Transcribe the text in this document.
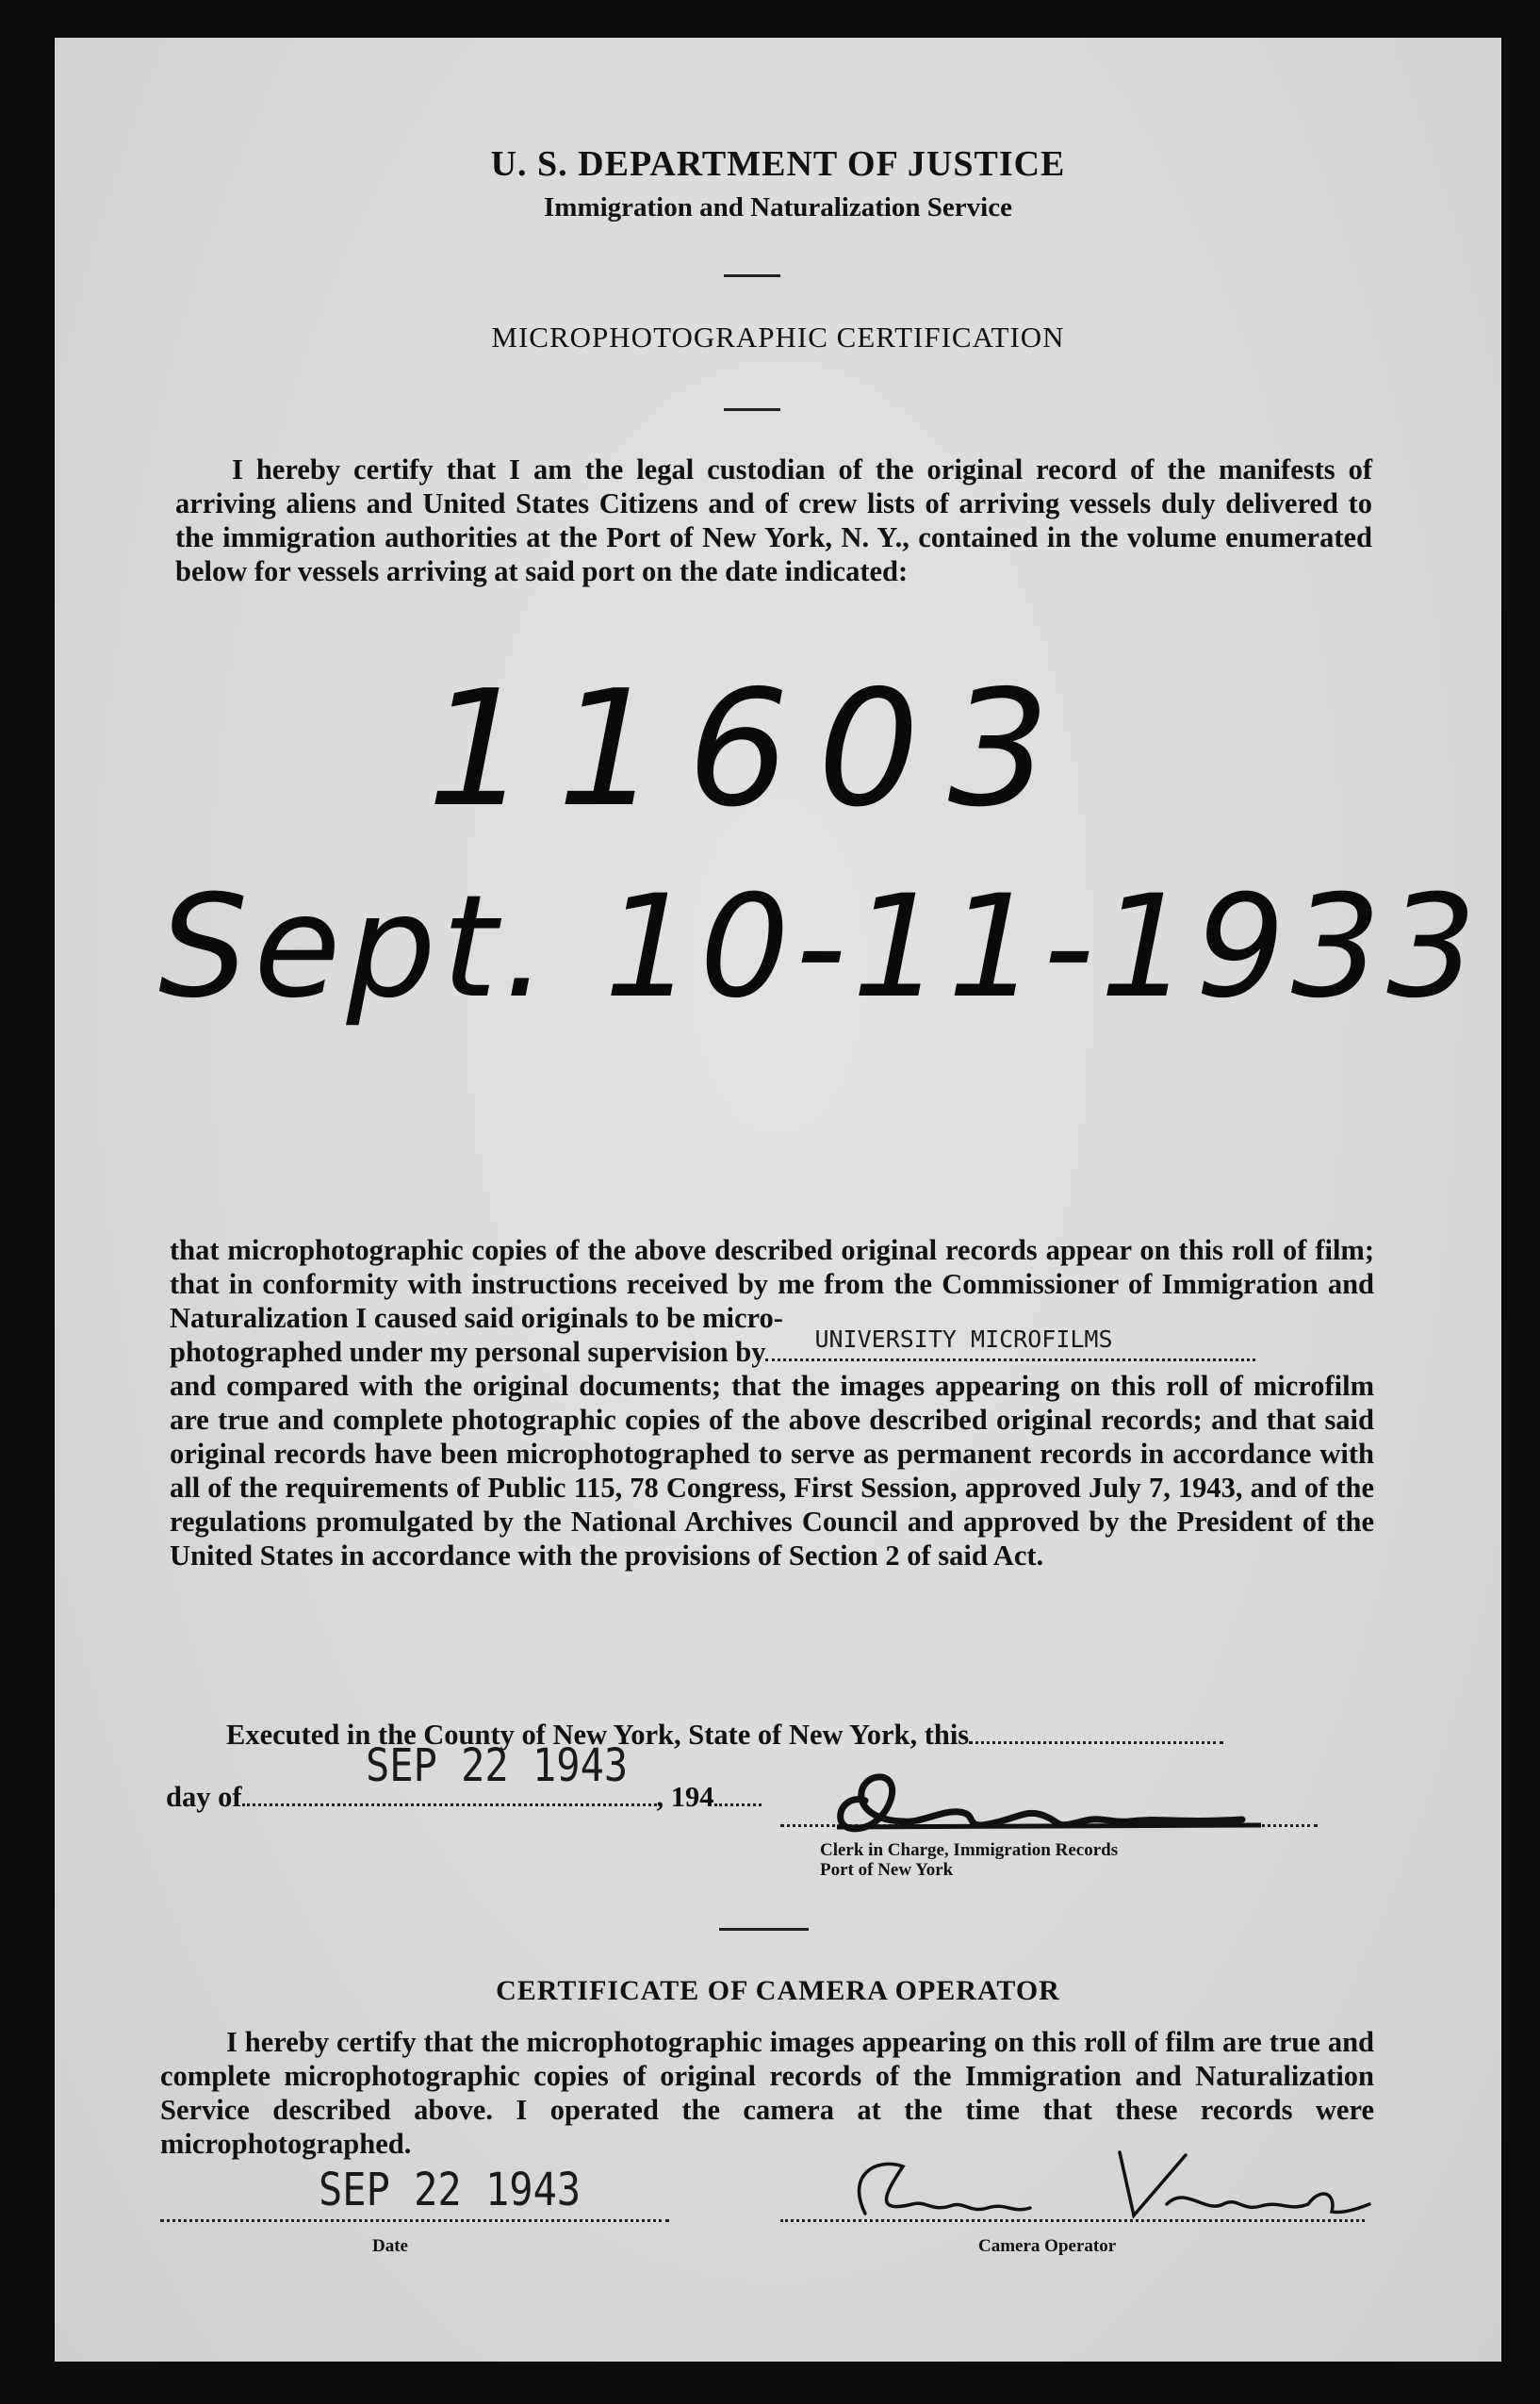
U. S. DEPARTMENT OF JUSTICE
Immigration and Naturalization Service
MICROPHOTOGRAPHIC CERTIFICATION

I hereby certify that I am the legal custodian of the original record of the manifests of arriving aliens and United States Citizens and of crew lists of arriving vessels duly delivered to the immigration authorities at the Port of New York, N. Y., contained in the volume enumerated below for vessels arriving at said port on the date indicated:

11603
Sept. 10-11-1933

that microphotographic copies of the above described original records appear on this roll of film; that in conformity with instructions received by me from the Commissioner of Immigration and Naturalization I caused said originals to be micro-

photographed under my personal supervision by UNIVERSITY MICROFILMS

and compared with the original documents; that the images appearing on this roll of microfilm are true and complete photographic copies of the above described original records; and that said original records have been microphotographed to serve as permanent records in accordance with all of the requirements of Public 115, 78 Congress, First Session, approved July 7, 1943, and of the regulations promulgated by the National Archives Council and approved by the President of the United States in accordance with the provisions of Section 2 of said Act.

Executed in the County of New York, State of New York, this
SEP 22 1943
day of	, 194
Clerk in Charge, Immigration Records
Port of New York
CERTIFICATE OF CAMERA OPERATOR

I hereby certify that the microphotographic images appearing on this roll of film are true and complete microphotographic copies of original records of the Immigration and Naturalization Service described above. I operated the camera at the time that these records were microphotographed.

SEP 22 1943
Date	Camera Operator
